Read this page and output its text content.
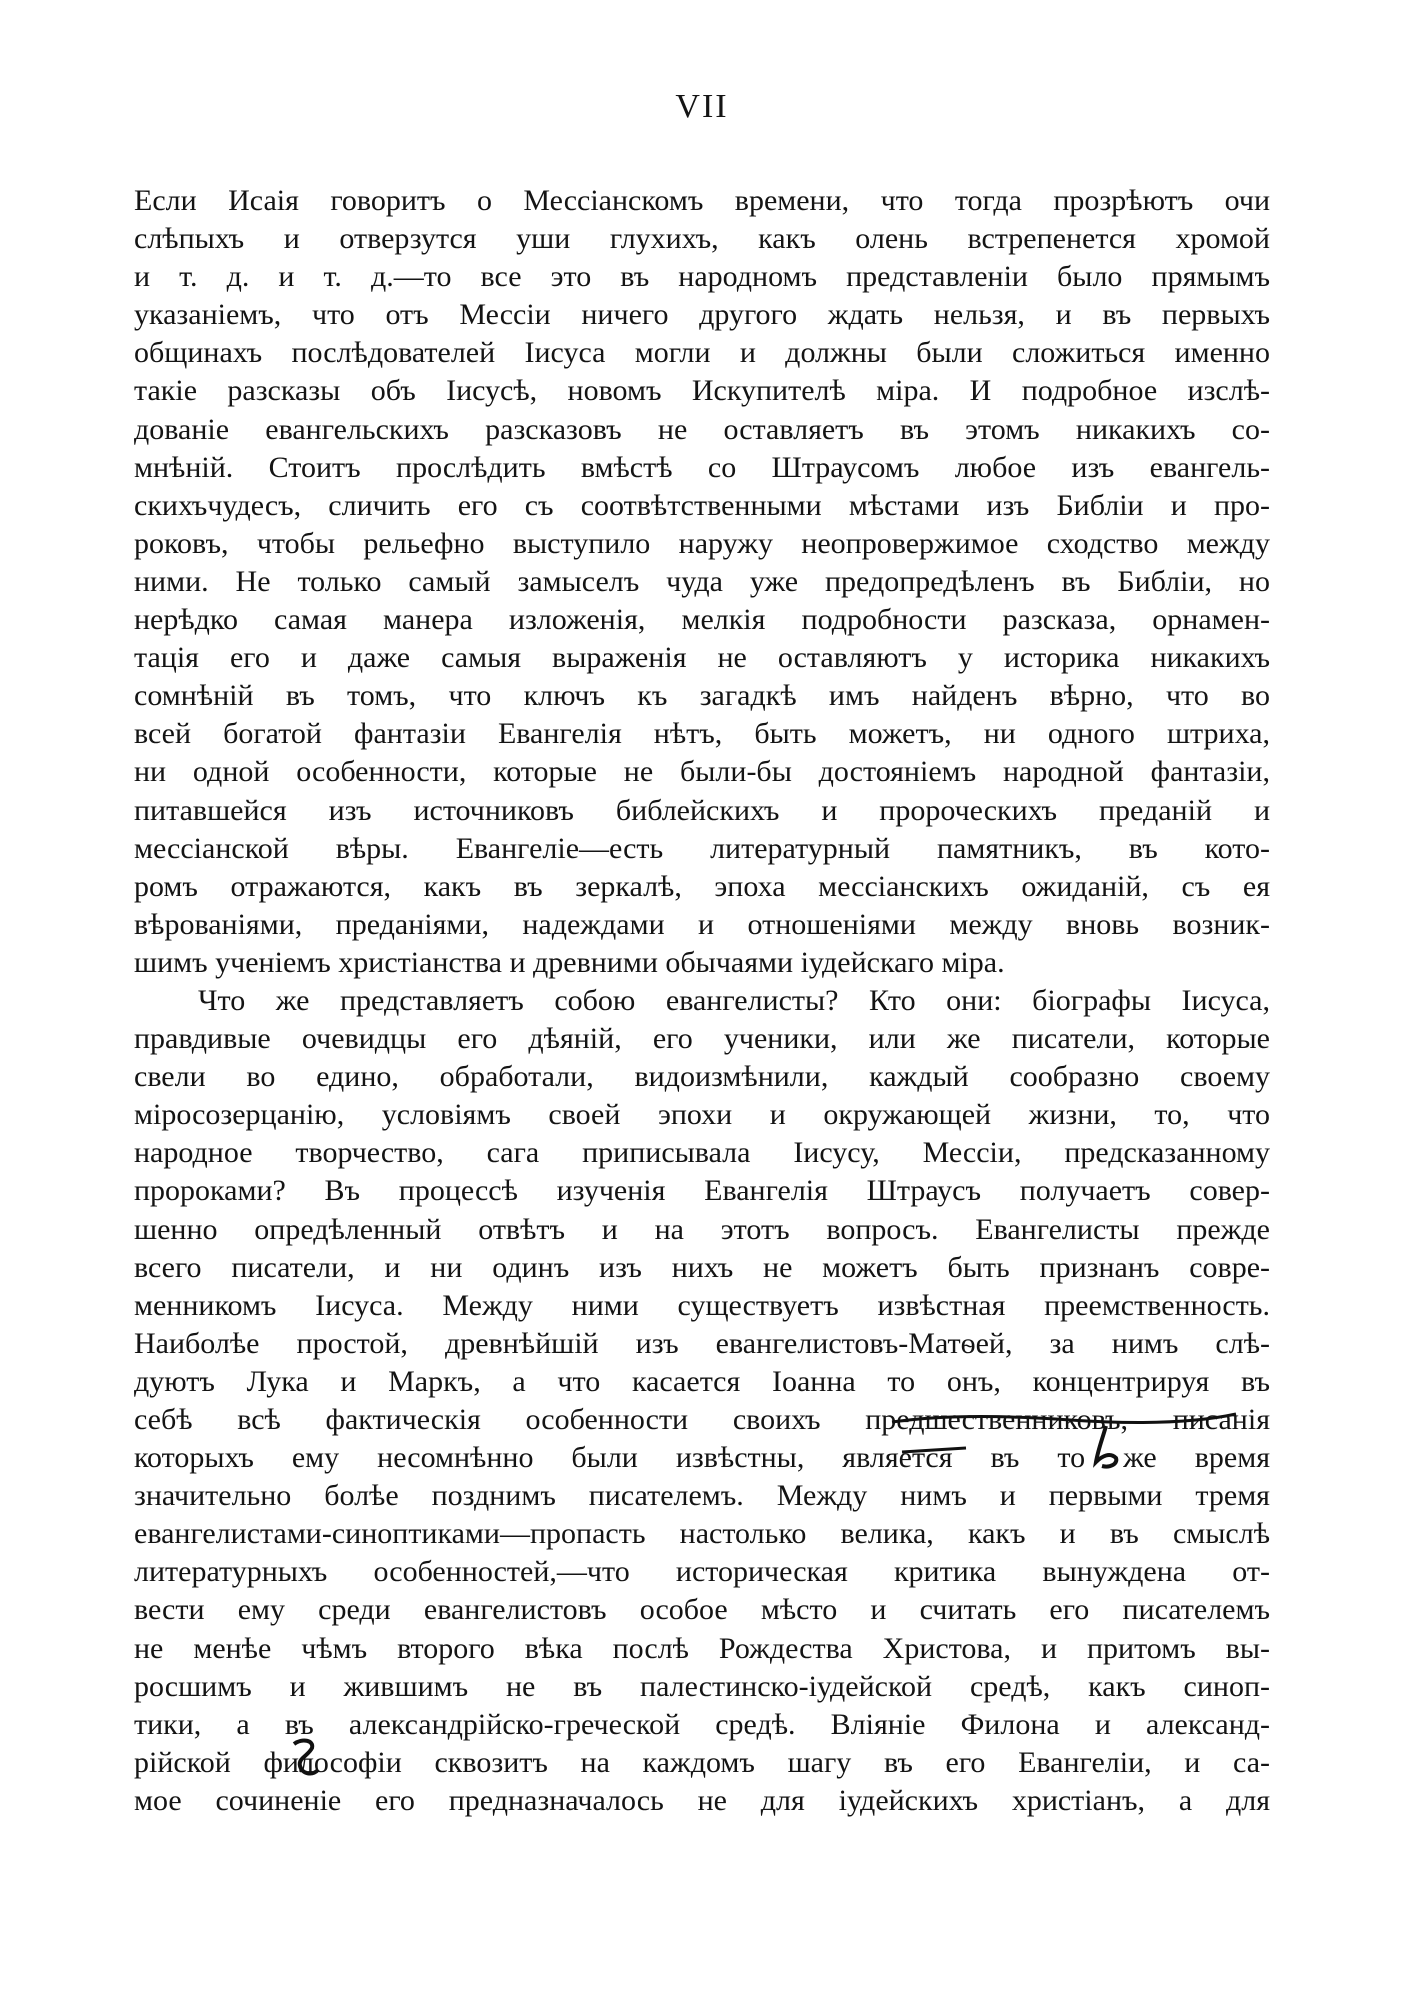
VII
Если Исаія говоритъ о Мессіанскомъ времени, что тогда прозрѣютъ очи
слѣпыхъ и отверзутся уши глухихъ, какъ олень встрепенется хромой
и т. д. и т. д.—то все это въ народномъ представленіи было прямымъ
указаніемъ, что отъ Мессіи ничего другого ждать нельзя, и въ первыхъ
общинахъ послѣдователей Іисуса могли и должны были сложиться именно
такіе разсказы объ Іисусѣ, новомъ Искупителѣ міра. И подробное изслѣ-
дованіе евангельскихъ разсказовъ не оставляетъ въ этомъ никакихъ со-
мнѣній. Стоитъ прослѣдить вмѣстѣ со Штраусомъ любое изъ евангель-
скихъчудесъ, сличить его съ соотвѣтственными мѣстами изъ Библіи и про-
роковъ, чтобы рельефно выступило наружу неопровержимое сходство между
ними. Не только самый замыселъ чуда уже предопредѣленъ въ Библіи, но
нерѣдко самая манера изложенія, мелкія подробности разсказа, орнамен-
тація его и даже самыя выраженія не оставляютъ у историка никакихъ
сомнѣній въ томъ, что ключъ къ загадкѣ имъ найденъ вѣрно, что во
всей богатой фантазіи Евангелія нѣтъ, быть можетъ, ни одного штриха,
ни одной особенности, которые не были-бы достояніемъ народной фантазіи,
питавшейся изъ источниковъ библейскихъ и пророческихъ преданій и
мессіанской вѣры. Евангеліе—есть литературный памятникъ, въ кото-
ромъ отражаются, какъ въ зеркалѣ, эпоха мессіанскихъ ожиданій, съ ея
вѣрованіями, преданіями, надеждами и отношеніями между вновь возник-
шимъ ученіемъ христіанства и древними обычаями іудейскаго міра.
Что же представляетъ собою евангелисты? Кто они: біографы Іисуса,
правдивые очевидцы его дѣяній, его ученики, или же писатели, которые
свели во едино, обработали, видоизмѣнили, каждый сообразно своему
міросозерцанію, условіямъ своей эпохи и окружающей жизни, то, что
народное творчество, сага приписывала Іисусу, Мессіи, предсказанному
пророками? Въ процессѣ изученія Евангелія Штраусъ получаетъ совер-
шенно опредѣленный отвѣтъ и на этотъ вопросъ. Евангелисты прежде
всего писатели, и ни одинъ изъ нихъ не можетъ быть признанъ совре-
менникомъ Іисуса. Между ними существуетъ извѣстная преемственность.
Наиболѣе простой, древнѣйшій изъ евангелистовъ-Матѳей, за нимъ слѣ-
дуютъ Лука и Маркъ, а что касается Іоанна то онъ, концентрируя въ
себѣ всѣ фактическія особенности своихъ предшественниковъ, писанія
которыхъ ему несомнѣнно были извѣстны, является въ то же время
значительно болѣе позднимъ писателемъ. Между нимъ и первыми тремя
евангелистами-синоптиками—пропасть настолько велика, какъ и въ смыслѣ
литературныхъ особенностей,—что историческая критика вынуждена от-
вести ему среди евангелистовъ особое мѣсто и считать его писателемъ
не менѣе чѣмъ второго вѣка послѣ Рождества Христова, и притомъ вы-
росшимъ и жившимъ не въ палестинско-іудейской средѣ, какъ синоп-
тики, а въ александрійско-греческой средѣ. Вліяніе Филона и александ-
рійской философіи сквозитъ на каждомъ шагу въ его Евангеліи, и са-
мое сочиненіе его предназначалось не для іудейскихъ христіанъ, а для
